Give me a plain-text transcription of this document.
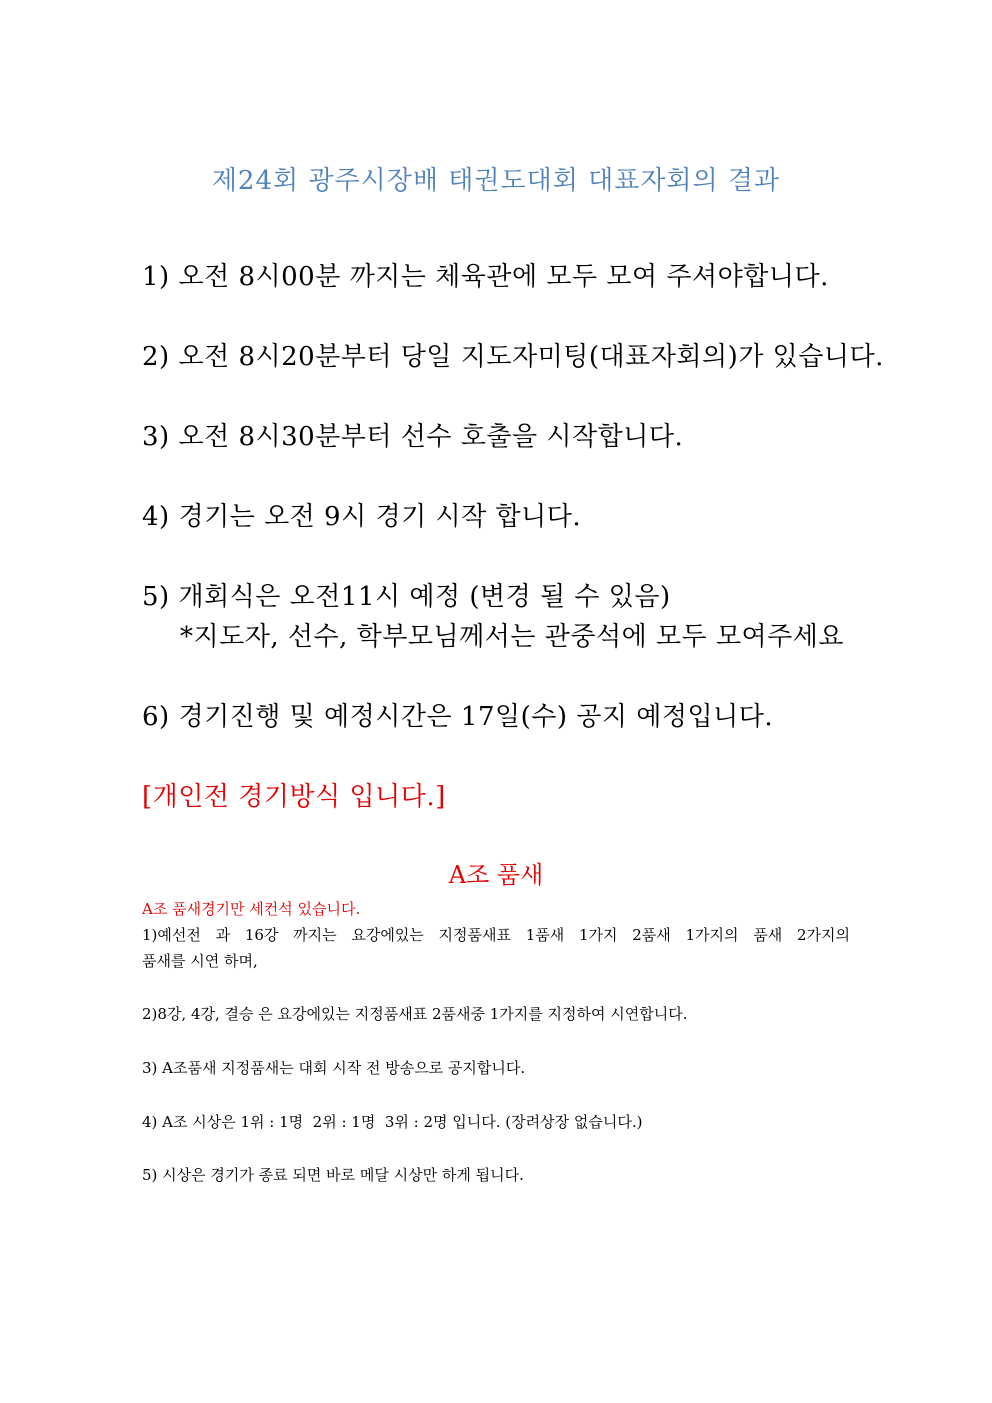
제24회 광주시장배 태권도대회 대표자회의 결과
1) 오전 8시00분 까지는 체육관에 모두 모여 주셔야합니다.
2) 오전 8시20분부터 당일 지도자미팅(대표자회의)가 있습니다.
3) 오전 8시30분부터 선수 호출을 시작합니다.
4) 경기는 오전 9시 경기 시작 합니다.
5) 개회식은 오전11시 예정 (변경 될 수 있음)
*지도자, 선수, 학부모님께서는 관중석에 모두 모여주세요
6) 경기진행 및 예정시간은 17일(수) 공지 예정입니다.
[개인전 경기방식 입니다.]
A조 품새
A조 품새경기만 세컨석 있습니다.
1)예선전 과 16강 까지는 요강에있는 지정품새표 1품새 1가지 2품새 1가지의 품새 2가지의
품새를 시연 하며,
2)8강, 4강, 결승 은 요강에있는 지정품새표 2품새중 1가지를 지정하여 시연합니다.
3) A조품새 지정품새는 대회 시작 전 방송으로 공지합니다.
4) A조 시상은 1위 : 1명  2위 : 1명  3위 : 2명 입니다. (장려상장 없습니다.)
5) 시상은 경기가 종료 되면 바로 메달 시상만 하게 됩니다.
